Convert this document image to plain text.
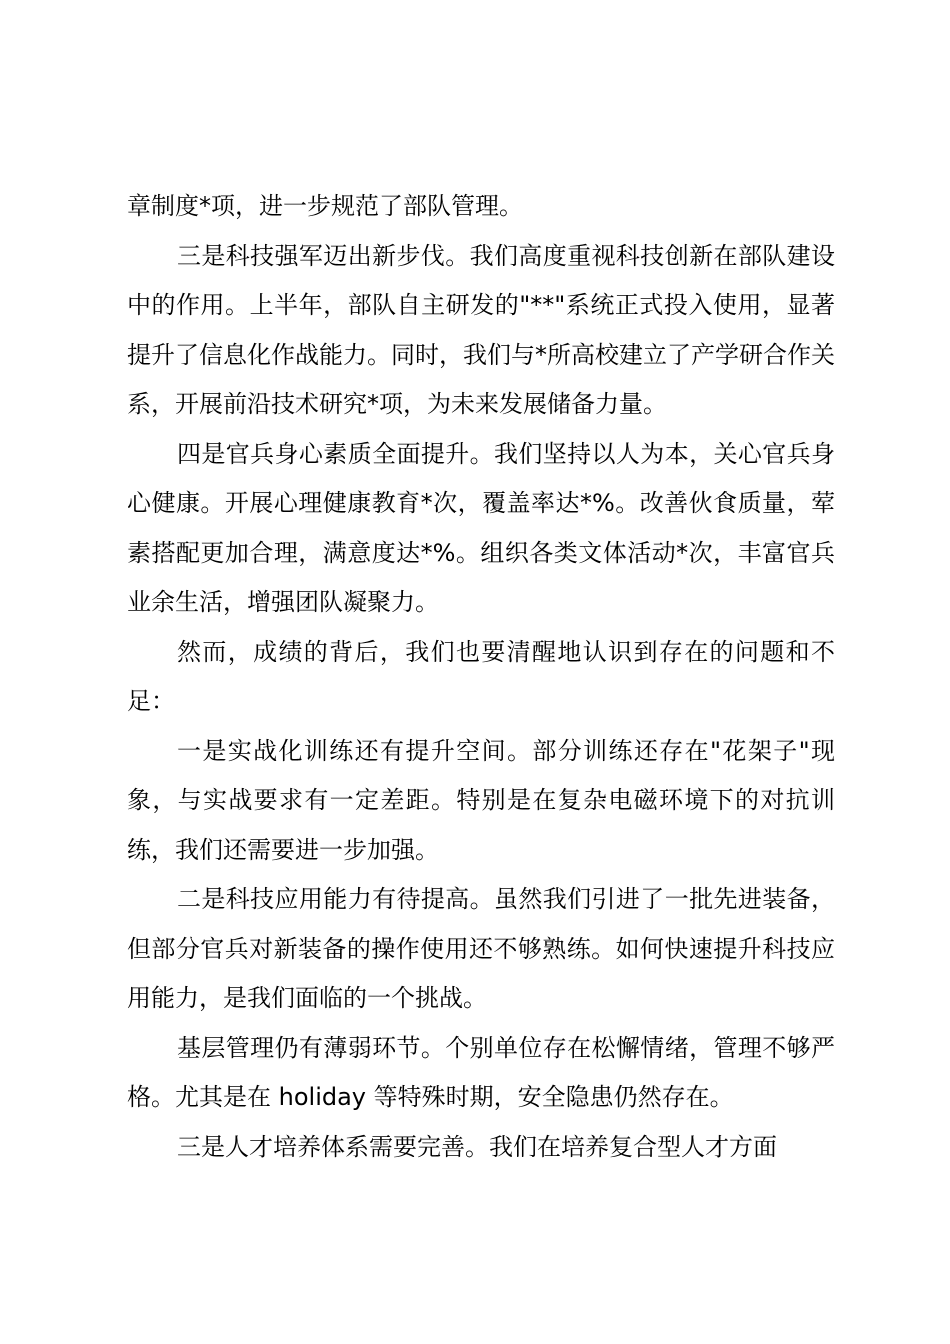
章制度*项，进一步规范了部队管理。

三是科技强军迈出新步伐。我们高度重视科技创新在部队建设中的作用。上半年，部队自主研发的"**"系统正式投入使用，显著提升了信息化作战能力。同时，我们与*所高校建立了产学研合作关系，开展前沿技术研究*项，为未来发展储备力量。

四是官兵身心素质全面提升。我们坚持以人为本，关心官兵身心健康。开展心理健康教育*次，覆盖率达*%。改善伙食质量，荤素搭配更加合理，满意度达*%。组织各类文体活动*次，丰富官兵业余生活，增强团队凝聚力。

然而，成绩的背后，我们也要清醒地认识到存在的问题和不足：

一是实战化训练还有提升空间。部分训练还存在"花架子"现象，与实战要求有一定差距。特别是在复杂电磁环境下的对抗训练，我们还需要进一步加强。

二是科技应用能力有待提高。虽然我们引进了一批先进装备，但部分官兵对新装备的操作使用还不够熟练。如何快速提升科技应用能力，是我们面临的一个挑战。

基层管理仍有薄弱环节。个别单位存在松懈情绪，管理不够严格。尤其是在 holiday 等特殊时期，安全隐患仍然存在。

三是人才培养体系需要完善。我们在培养复合型人才方面
